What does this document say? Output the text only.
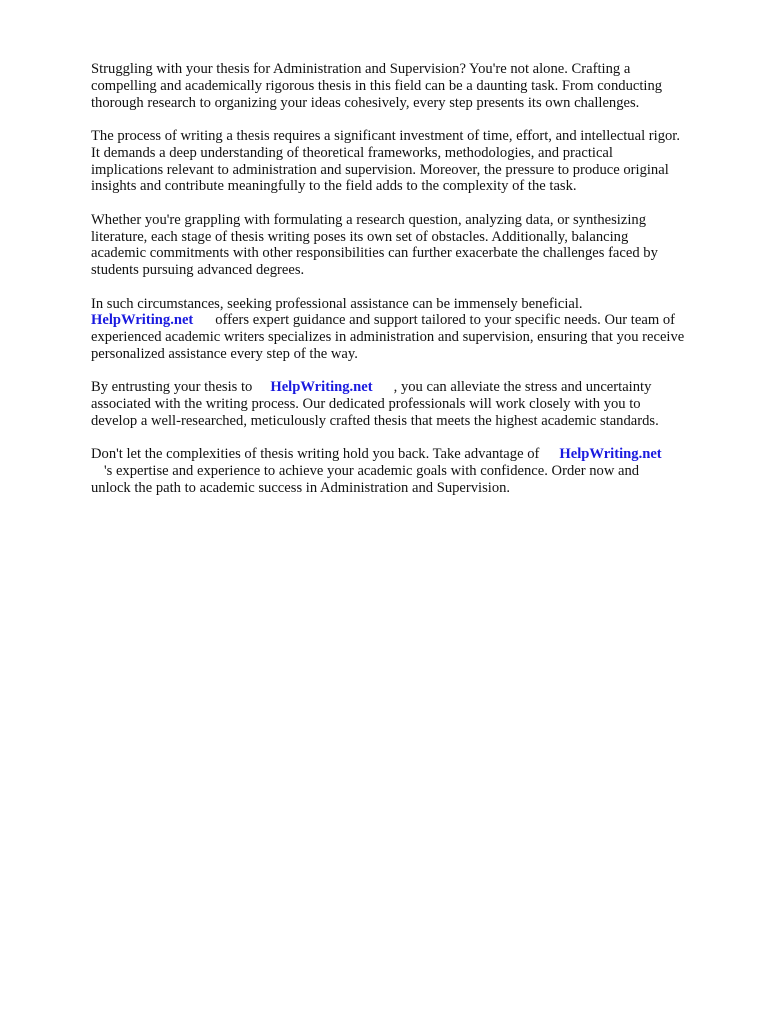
Struggling with your thesis for Administration and Supervision? You're not alone. Crafting a
compelling and academically rigorous thesis in this field can be a daunting task. From conducting
thorough research to organizing your ideas cohesively, every step presents its own challenges.

The process of writing a thesis requires a significant investment of time, effort, and intellectual rigor.
It demands a deep understanding of theoretical frameworks, methodologies, and practical
implications relevant to administration and supervision. Moreover, the pressure to produce original
insights and contribute meaningfully to the field adds to the complexity of the task.

Whether you're grappling with formulating a research question, analyzing data, or synthesizing
literature, each stage of thesis writing poses its own set of obstacles. Additionally, balancing
academic commitments with other responsibilities can further exacerbate the challenges faced by
students pursuing advanced degrees.

In such circumstances, seeking professional assistance can be immensely beneficial.
HelpWriting.net offers expert guidance and support tailored to your specific needs. Our team of
experienced academic writers specializes in administration and supervision, ensuring that you receive
personalized assistance every step of the way.

By entrusting your thesis to HelpWriting.net , you can alleviate the stress and uncertainty
associated with the writing process. Our dedicated professionals will work closely with you to
develop a well-researched, meticulously crafted thesis that meets the highest academic standards.

Don't let the complexities of thesis writing hold you back. Take advantage of HelpWriting.net
's expertise and experience to achieve your academic goals with confidence. Order now and
unlock the path to academic success in Administration and Supervision.
